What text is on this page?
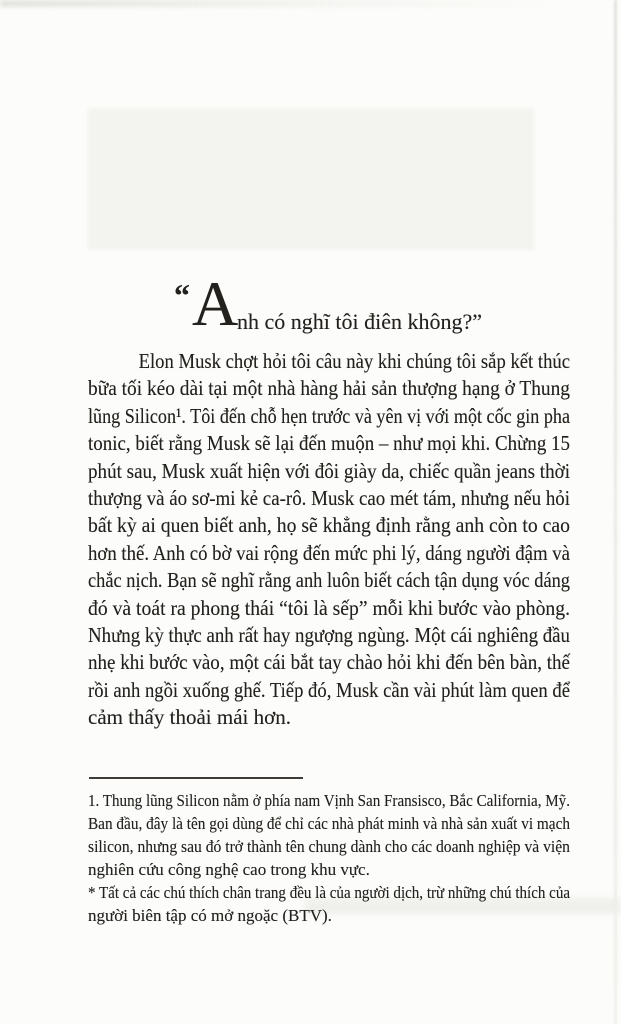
“ A
nh có nghĩ tôi điên không?”
Elon Musk chợt hỏi tôi câu này khi chúng tôi sắp kết thúc
bữa tối kéo dài tại một nhà hàng hải sản thượng hạng ở Thung
lũng Silicon¹. Tôi đến chỗ hẹn trước và yên vị với một cốc gin pha
tonic, biết rằng Musk sẽ lại đến muộn – như mọi khi. Chừng 15
phút sau, Musk xuất hiện với đôi giày da, chiếc quần jeans thời
thượng và áo sơ-mi kẻ ca-rô. Musk cao mét tám, nhưng nếu hỏi
bất kỳ ai quen biết anh, họ sẽ khẳng định rằng anh còn to cao
hơn thế. Anh có bờ vai rộng đến mức phi lý, dáng người đậm và
chắc nịch. Bạn sẽ nghĩ rằng anh luôn biết cách tận dụng vóc dáng
đó và toát ra phong thái “tôi là sếp” mỗi khi bước vào phòng.
Nhưng kỳ thực anh rất hay ngượng ngùng. Một cái nghiêng đầu
nhẹ khi bước vào, một cái bắt tay chào hỏi khi đến bên bàn, thế
rồi anh ngồi xuống ghế. Tiếp đó, Musk cần vài phút làm quen để
cảm thấy thoải mái hơn.
1. Thung lũng Silicon nằm ở phía nam Vịnh San Fransisco, Bắc California, Mỹ.
Ban đầu, đây là tên gọi dùng để chỉ các nhà phát minh và nhà sản xuất vi mạch
silicon, nhưng sau đó trở thành tên chung dành cho các doanh nghiệp và viện
nghiên cứu công nghệ cao trong khu vực.
* Tất cả các chú thích chân trang đều là của người dịch, trừ những chú thích của
người biên tập có mở ngoặc (BTV).
